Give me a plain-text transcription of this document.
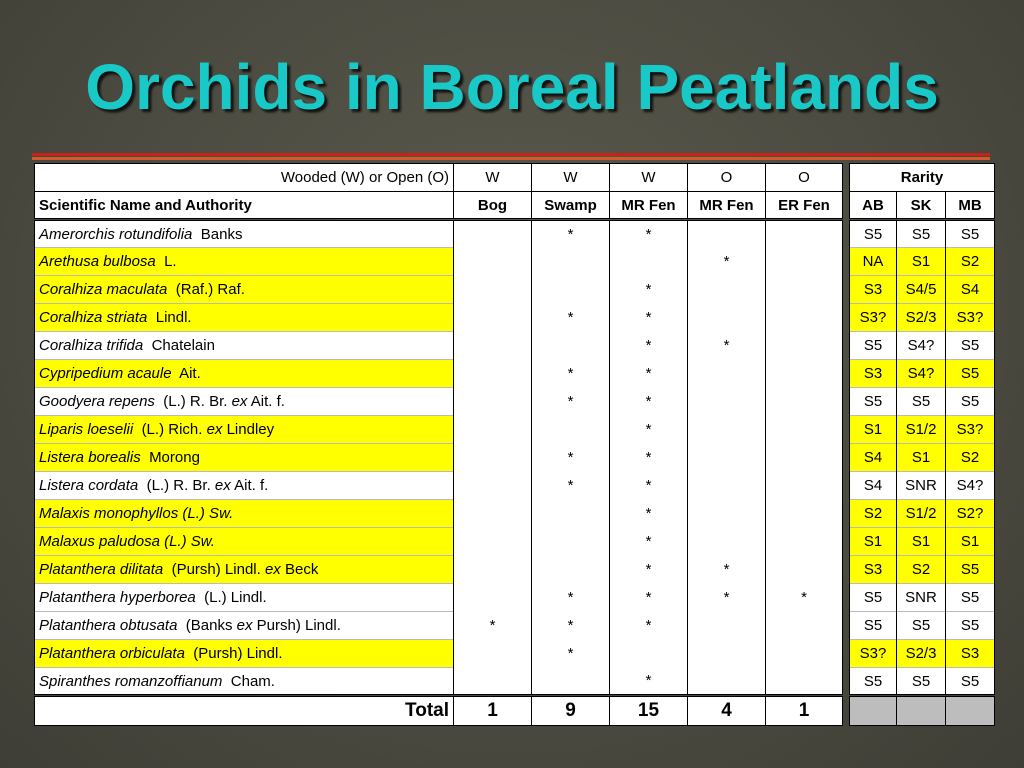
Orchids in Boreal Peatlands
Wooded (W) or Open (O)	W	W	W	O	O		Rarity		
Scientific Name and Authority	Bog	Swamp	MR Fen	MR Fen	ER Fen		AB	SK	MB
Amerorchis rotundifolia Banks		*	*				S5	S5	S5
Arethusa bulbosa L.				*			NA	S1	S2
Coralhiza maculata (Raf.) Raf.			*				S3	S4/5	S4
Coralhiza striata Lindl.		*	*				S3?	S2/3	S3?
Coralhiza trifida Chatelain			*	*			S5	S4?	S5
Cypripedium acaule Ait.		*	*				S3	S4?	S5
Goodyera repens (L.) R. Br. ex Ait. f.		*	*				S5	S5	S5
Liparis loeselii (L.) Rich. ex Lindley			*				S1	S1/2	S3?
Listera borealis Morong		*	*				S4	S1	S2
Listera cordata (L.) R. Br. ex Ait. f.		*	*				S4	SNR	S4?
Malaxis monophyllos (L.) Sw.			*				S2	S1/2	S2?
Malaxus paludosa (L.) Sw.			*				S1	S1	S1
Platanthera dilitata (Pursh) Lindl. ex Beck			*	*			S3	S2	S5
Platanthera hyperborea (L.) Lindl.		*	*	*	*		S5	SNR	S5
Platanthera obtusata (Banks ex Pursh) Lindl.	*	*	*				S5	S5	S5
Platanthera orbiculata (Pursh) Lindl.		*					S3?	S2/3	S3
Spiranthes romanzoffianum Cham.			*				S5	S5	S5
Total	1	9	15	4	1				
